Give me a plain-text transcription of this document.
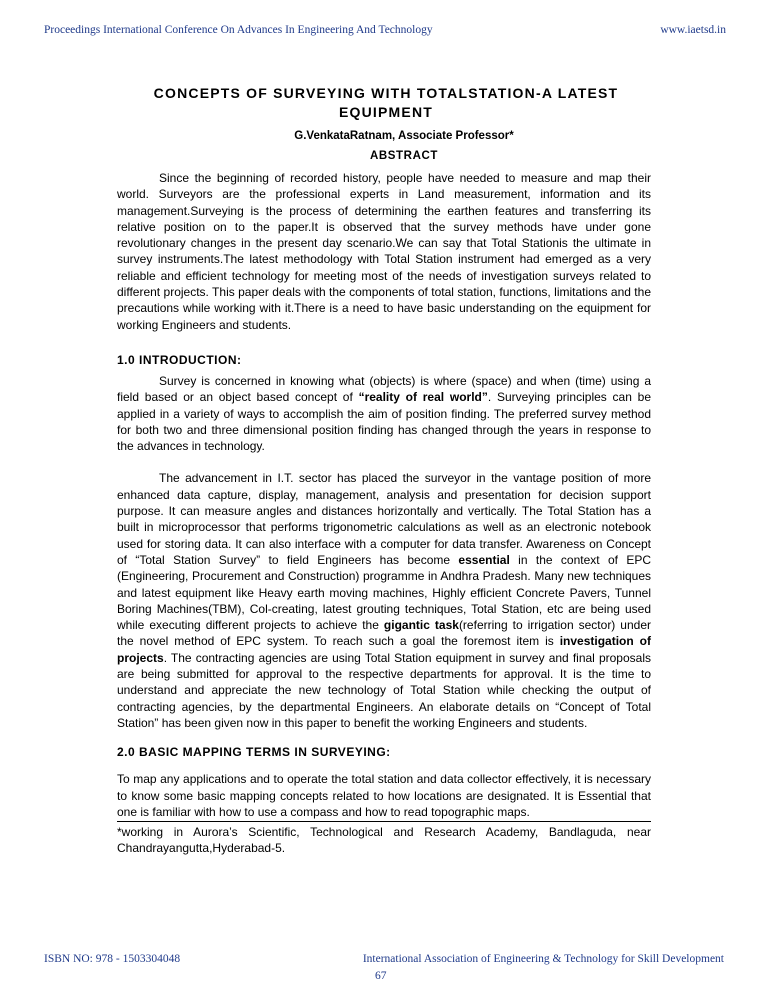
Proceedings International Conference On Advances In Engineering And Technology	www.iaetsd.in
CONCEPTS OF SURVEYING WITH TOTALSTATION-A LATEST
EQUIPMENT
G.VenkataRatnam, Associate Professor*
ABSTRACT

Since the beginning of recorded history, people have needed to measure and map their world. Surveyors are the professional experts in Land measurement, information and its management.Surveying is the process of determining the earthen features and transferring its relative position on to the paper.It is observed that the survey methods have under gone revolutionary changes in the present day scenario.We can say that Total Stationis the ultimate in survey instruments.The latest methodology with Total Station instrument had emerged as a very reliable and efficient technology for meeting most of the needs of investigation surveys related to different projects. This paper deals with the components of total station, functions, limitations and the precautions while working with it.There is a need to have basic understanding on the equipment for working Engineers and students.

1.0 INTRODUCTION:

Survey is concerned in knowing what (objects) is where (space) and when (time) using a field based or an object based concept of “reality of real world”. Surveying principles can be applied in a variety of ways to accomplish the aim of position finding. The preferred survey method for both two and three dimensional position finding has changed through the years in response to the advances in technology.

The advancement in I.T. sector has placed the surveyor in the vantage position of more enhanced data capture, display, management, analysis and presentation for decision support purpose. It can measure angles and distances horizontally and vertically. The Total Station has a built in microprocessor that performs trigonometric calculations as well as an electronic notebook used for storing data. It can also interface with a computer for data transfer. Awareness on Concept of “Total Station Survey” to field Engineers has become essential in the context of EPC (Engineering, Procurement and Construction) programme in Andhra Pradesh. Many new techniques and latest equipment like Heavy earth moving machines, Highly efficient Concrete Pavers, Tunnel Boring Machines(TBM), Col-creating, latest grouting techniques, Total Station, etc are being used while executing different projects to achieve the gigantic task(referring to irrigation sector) under the novel method of EPC system. To reach such a goal the foremost item is investigation of projects. The contracting agencies are using Total Station equipment in survey and final proposals are being submitted for approval to the respective departments for approval. It is the time to understand and appreciate the new technology of Total Station while checking the output of contracting agencies, by the departmental Engineers. An elaborate details on “Concept of Total Station” has been given now in this paper to benefit the working Engineers and students.

2.0 BASIC MAPPING TERMS IN SURVEYING:

To map any applications and to operate the total station and data collector effectively, it is necessary to know some basic mapping concepts related to how locations are designated. It is Essential that one is familiar with how to use a compass and how to read topographic maps.

*working in Aurora’s Scientific, Technological and Research Academy, Bandlaguda, near Chandrayangutta,Hyderabad-5.

ISBN NO: 978 - 1503304048	International Association of Engineering & Technology for Skill Development
67
